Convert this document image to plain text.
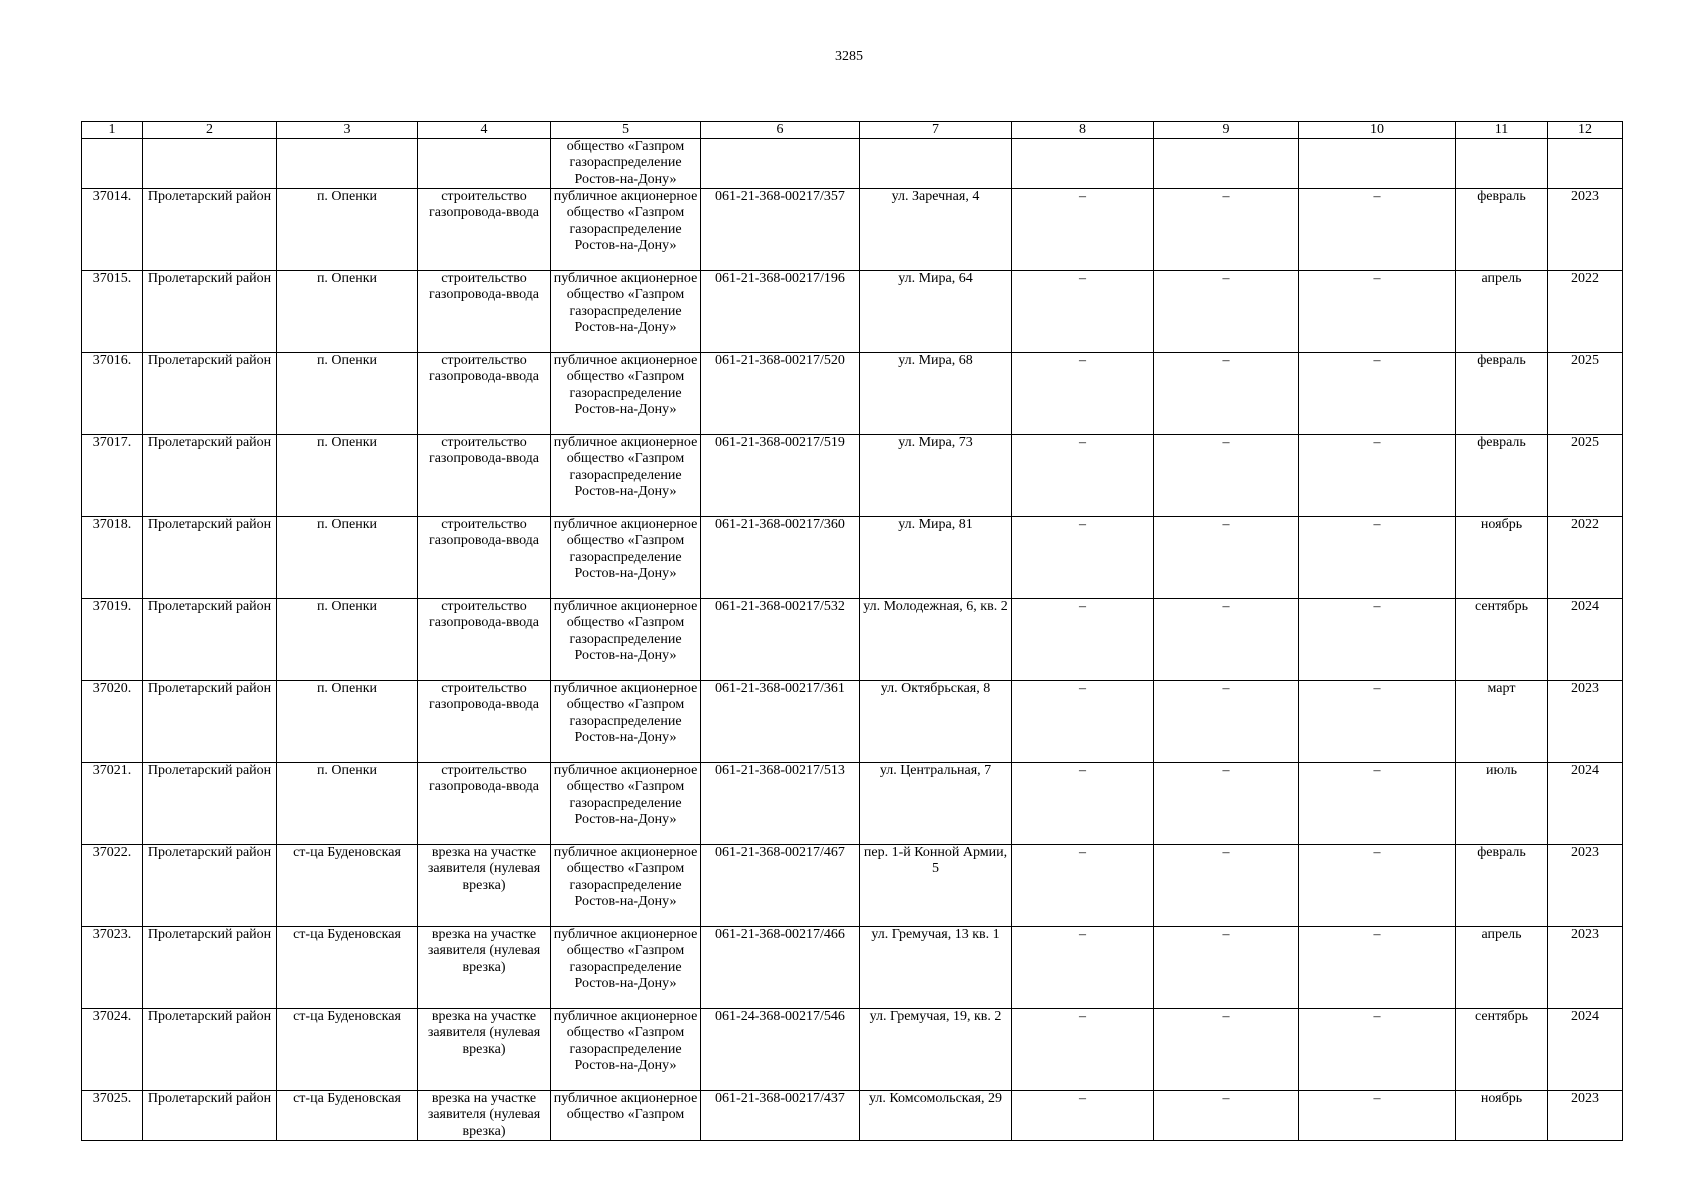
3285
1	2	3	4	5	6	7	8	9	10	11	12
				общество «Газпром газораспределение Ростов-на-Дону»							
37014.	Пролетарский район	п. Опенки	строительство газопровода-ввода	публичное акционерное общество «Газпром газораспределение Ростов-на-Дону»	061-21-368-00217/357	ул. Заречная, 4	–	–	–	февраль	2023
37015.	Пролетарский район	п. Опенки	строительство газопровода-ввода	публичное акционерное общество «Газпром газораспределение Ростов-на-Дону»	061-21-368-00217/196	ул. Мира, 64	–	–	–	апрель	2022
37016.	Пролетарский район	п. Опенки	строительство газопровода-ввода	публичное акционерное общество «Газпром газораспределение Ростов-на-Дону»	061-21-368-00217/520	ул. Мира, 68	–	–	–	февраль	2025
37017.	Пролетарский район	п. Опенки	строительство газопровода-ввода	публичное акционерное общество «Газпром газораспределение Ростов-на-Дону»	061-21-368-00217/519	ул. Мира, 73	–	–	–	февраль	2025
37018.	Пролетарский район	п. Опенки	строительство газопровода-ввода	публичное акционерное общество «Газпром газораспределение Ростов-на-Дону»	061-21-368-00217/360	ул. Мира, 81	–	–	–	ноябрь	2022
37019.	Пролетарский район	п. Опенки	строительство газопровода-ввода	публичное акционерное общество «Газпром газораспределение Ростов-на-Дону»	061-21-368-00217/532	ул. Молодежная, 6, кв. 2	–	–	–	сентябрь	2024
37020.	Пролетарский район	п. Опенки	строительство газопровода-ввода	публичное акционерное общество «Газпром газораспределение Ростов-на-Дону»	061-21-368-00217/361	ул. Октябрьская, 8	–	–	–	март	2023
37021.	Пролетарский район	п. Опенки	строительство газопровода-ввода	публичное акционерное общество «Газпром газораспределение Ростов-на-Дону»	061-21-368-00217/513	ул. Центральная, 7	–	–	–	июль	2024
37022.	Пролетарский район	ст-ца Буденовская	врезка на участке заявителя (нулевая врезка)	публичное акционерное общество «Газпром газораспределение Ростов-на-Дону»	061-21-368-00217/467	пер. 1-й Конной Армии, 5	–	–	–	февраль	2023
37023.	Пролетарский район	ст-ца Буденовская	врезка на участке заявителя (нулевая врезка)	публичное акционерное общество «Газпром газораспределение Ростов-на-Дону»	061-21-368-00217/466	ул. Гремучая, 13 кв. 1	–	–	–	апрель	2023
37024.	Пролетарский район	ст-ца Буденовская	врезка на участке заявителя (нулевая врезка)	публичное акционерное общество «Газпром газораспределение Ростов-на-Дону»	061-24-368-00217/546	ул. Гремучая, 19, кв. 2	–	–	–	сентябрь	2024
37025.	Пролетарский район	ст-ца Буденовская	врезка на участке заявителя (нулевая врезка)	публичное акционерное общество «Газпром	061-21-368-00217/437	ул. Комсомольская, 29	–	–	–	ноябрь	2023
